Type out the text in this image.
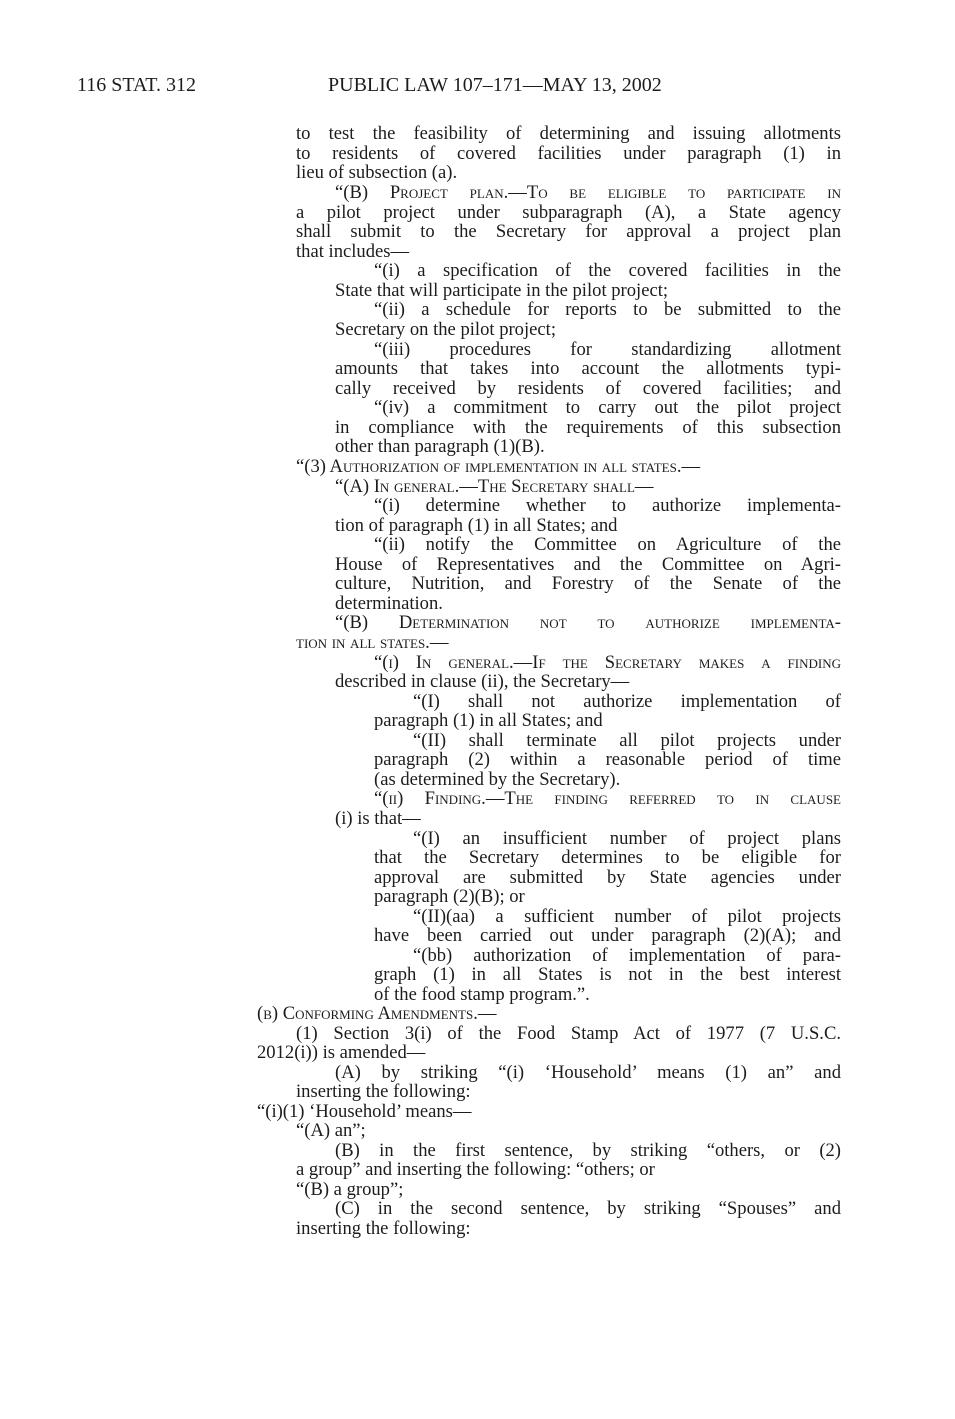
116 STAT. 312	PUBLIC LAW 107–171—MAY 13, 2002
to test the feasibility of determining and issuing allotments
to residents of covered facilities under paragraph (1) in
lieu of subsection (a).
“(B) Project plan.—To be eligible to participate in
a pilot project under subparagraph (A), a State agency
shall submit to the Secretary for approval a project plan
that includes—
“(i) a specification of the covered facilities in the
State that will participate in the pilot project;
“(ii) a schedule for reports to be submitted to the
Secretary on the pilot project;
“(iii) procedures for standardizing allotment
amounts that takes into account the allotments typi-
cally received by residents of covered facilities; and
“(iv) a commitment to carry out the pilot project
in compliance with the requirements of this subsection
other than paragraph (1)(B).
“(3) Authorization of implementation in all states.—
“(A) In general.—The Secretary shall—
“(i) determine whether to authorize implementa-
tion of paragraph (1) in all States; and
“(ii) notify the Committee on Agriculture of the
House of Representatives and the Committee on Agri-
culture, Nutrition, and Forestry of the Senate of the
determination.
“(B) Determination not to authorize implementa-
tion in all states.—
“(i) In general.—If the Secretary makes a finding
described in clause (ii), the Secretary—
“(I) shall not authorize implementation of
paragraph (1) in all States; and
“(II) shall terminate all pilot projects under
paragraph (2) within a reasonable period of time
(as determined by the Secretary).
“(ii) Finding.—The finding referred to in clause
(i) is that—
“(I) an insufficient number of project plans
that the Secretary determines to be eligible for
approval are submitted by State agencies under
paragraph (2)(B); or
“(II)(aa) a sufficient number of pilot projects
have been carried out under paragraph (2)(A); and
“(bb) authorization of implementation of para-
graph (1) in all States is not in the best interest
of the food stamp program.”.
(b) Conforming Amendments.—
(1) Section 3(i) of the Food Stamp Act of 1977 (7 U.S.C.
2012(i)) is amended—
(A) by striking “(i) ‘Household’ means (1) an” and
inserting the following:
“(i)(1) ‘Household’ means—
“(A) an”;
(B) in the first sentence, by striking “others, or (2)
a group” and inserting the following: “others; or
“(B) a group”;
(C) in the second sentence, by striking “Spouses” and
inserting the following:
